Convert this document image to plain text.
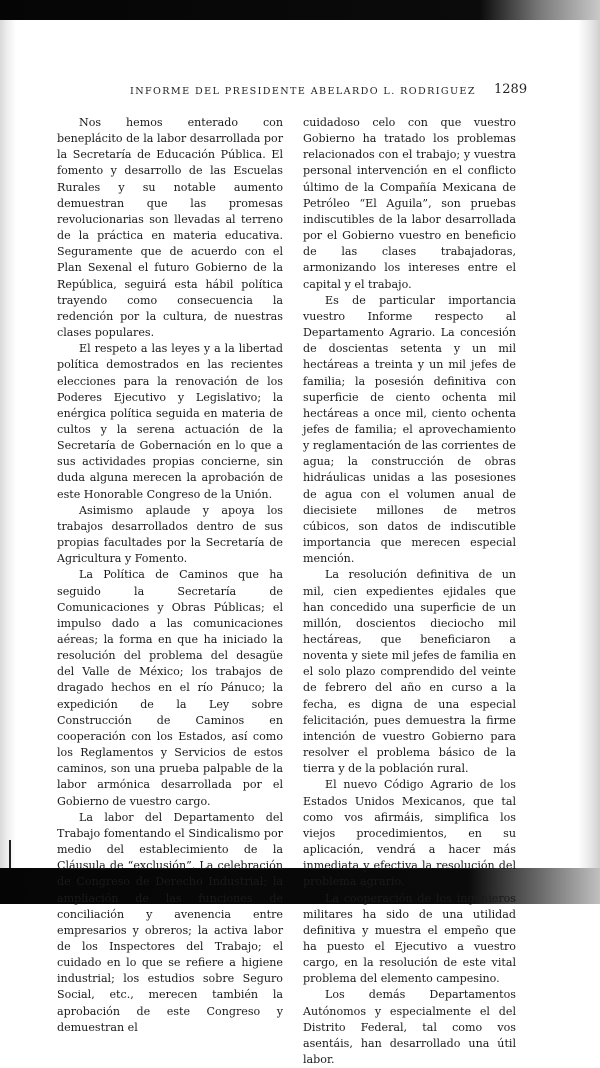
INFORME DEL PRESIDENTE ABELARDO L. RODRIGUEZ 1289

Nos hemos enterado con beneplácito de la labor desarrollada por la Secretaría de Educación Pública. El fomento y desarrollo de las Escuelas Rurales y su notable aumento demuestran que las promesas revolucionarias son llevadas al terreno de la práctica en materia educativa. Seguramente que de acuerdo con el Plan Sexenal el futuro Gobierno de la República, seguirá esta hábil política trayendo como consecuencia la redención por la cultura, de nuestras clases populares.

El respeto a las leyes y a la libertad política demostrados en las recientes elecciones para la renovación de los Poderes Ejecutivo y Legislativo; la enérgica política seguida en materia de cultos y la serena actuación de la Secretaría de Gobernación en lo que a sus actividades propias concierne, sin duda alguna merecen la aprobación de este Honorable Congreso de la Unión.

Asimismo aplaude y apoya los trabajos desarrollados dentro de sus propias facultades por la Secretaría de Agricultura y Fomento.

La Política de Caminos que ha seguido la Secretaría de Comunicaciones y Obras Públicas; el impulso dado a las comunicaciones aéreas; la forma en que ha iniciado la resolución del problema del desagüe del Valle de México; los trabajos de dragado hechos en el río Pánuco; la expedición de la Ley sobre Construcción de Caminos en cooperación con los Estados, así como los Reglamentos y Servicios de estos caminos, son una prueba palpable de la labor armónica desarrollada por el Gobierno de vuestro cargo.

La labor del Departamento del Trabajo fomentando el Sindicalismo por medio del establecimiento de la Cláusula de “exclusión”. La celebración de Congreso de Derecho Industrial; la ampliación de las funciones de conciliación y avenencia entre empresarios y obreros; la activa labor de los Inspectores del Trabajo; el cuidado en lo que se refiere a higiene industrial; los estudios sobre Seguro Social, etc., merecen también la aprobación de este Congreso y demuestran el

cuidadoso celo con que vuestro Gobierno ha tratado los problemas relacionados con el trabajo; y vuestra personal intervención en el conflicto último de la Compañía Mexicana de Petróleo “El Aguila”, son pruebas indiscutibles de la labor desarrollada por el Gobierno vuestro en beneficio de las clases trabajadoras, armonizando los intereses entre el capital y el trabajo.

Es de particular importancia vuestro Informe respecto al Departamento Agrario. La concesión de doscientas setenta y un mil hectáreas a treinta y un mil jefes de familia; la posesión definitiva con superficie de ciento ochenta mil hectáreas a once mil, ciento ochenta jefes de familia; el aprovechamiento y reglamentación de las corrientes de agua; la construcción de obras hidráulicas unidas a las posesiones de agua con el volumen anual de diecisiete millones de metros cúbicos, son datos de indiscutible importancia que merecen especial mención.

La resolución definitiva de un mil, cien expedientes ejidales que han concedido una superficie de un millón, doscientos dieciocho mil hectáreas, que beneficiaron a noventa y siete mil jefes de familia en el solo plazo comprendido del veinte de febrero del año en curso a la fecha, es digna de una especial felicitación, pues demuestra la firme intención de vuestro Gobierno para resolver el problema básico de la tierra y de la población rural.

El nuevo Código Agrario de los Estados Unidos Mexicanos, que tal como vos afirmáis, simplifica los viejos procedimientos, en su aplicación, vendrá a hacer más inmediata y efectiva la resolución del problema agrario.

La cooperación de los ingenieros militares ha sido de una utilidad definitiva y muestra el empeño que ha puesto el Ejecutivo a vuestro cargo, en la resolución de este vital problema del elemento campesino.

Los demás Departamentos Autónomos y especialmente el del Distrito Federal, tal como vos asentáis, han desarrollado una útil labor.
